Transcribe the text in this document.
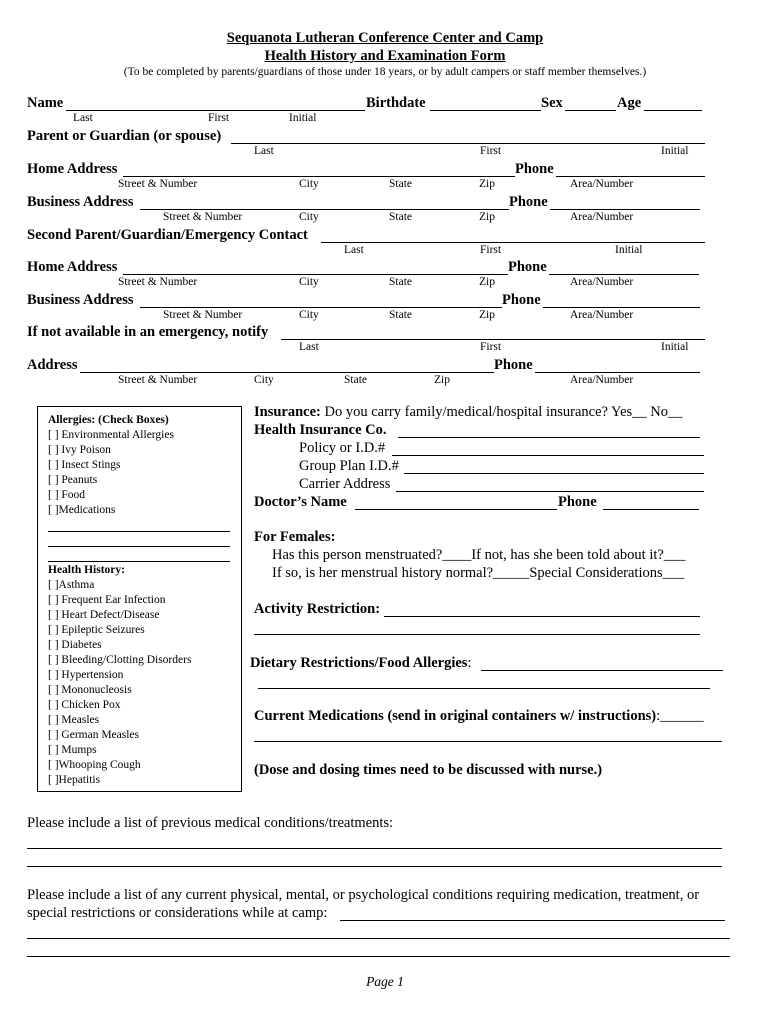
Sequanota Lutheran Conference Center and Camp
Health History and Examination Form
(To be completed by parents/guardians of those under 18 years, or by adult campers or staff member themselves.)
Name	Birthdate	Sex	Age
Last	First	Initial
Parent or Guardian (or spouse)
Last	First	Initial
Home Address	Phone
Street & Number	City	State	Zip	Area/Number
Business Address	Phone
Street & Number	City	State	Zip	Area/Number
Second Parent/Guardian/Emergency Contact
Last	First	Initial
Home Address	Phone
Street & Number	City	State	Zip	Area/Number
Business Address	Phone
Street & Number	City	State	Zip	Area/Number
If not available in an emergency, notify
Last	First	Initial
Address	Phone
Street & Number	City	State	Zip	Area/Number
Allergies: (Check Boxes)
[ ] Environmental Allergies
[ ] Ivy Poison
[ ] Insect Stings
[ ] Peanuts
[ ] Food
[ ]Medications
Health History:
[ ]Asthma
[ ] Frequent Ear Infection
[ ] Heart Defect/Disease
[ ] Epileptic Seizures
[ ] Diabetes
[ ] Bleeding/Clotting Disorders
[ ] Hypertension
[ ] Mononucleosis
[ ] Chicken Pox
[ ] Measles
[ ] German Measles
[ ] Mumps
[ ]Whooping Cough
[ ]Hepatitis
Insurance: Do you carry family/medical/hospital insurance? Yes__ No__
Health Insurance Co.
Policy or I.D.#
Group Plan I.D.#
Carrier Address
Doctor’s Name	Phone
For Females:
Has this person menstruated?____If not, has she been told about it?___
If so, is her menstrual history normal?_____Special Considerations___
Activity Restriction:
Dietary Restrictions/Food Allergies:
Current Medications (send in original containers w/ instructions):______
(Dose and dosing times need to be discussed with nurse.)
Please include a list of previous medical conditions/treatments:
Please include a list of any current physical, mental, or psychological conditions requiring medication, treatment, or
special restrictions or considerations while at camp:
Page 1
